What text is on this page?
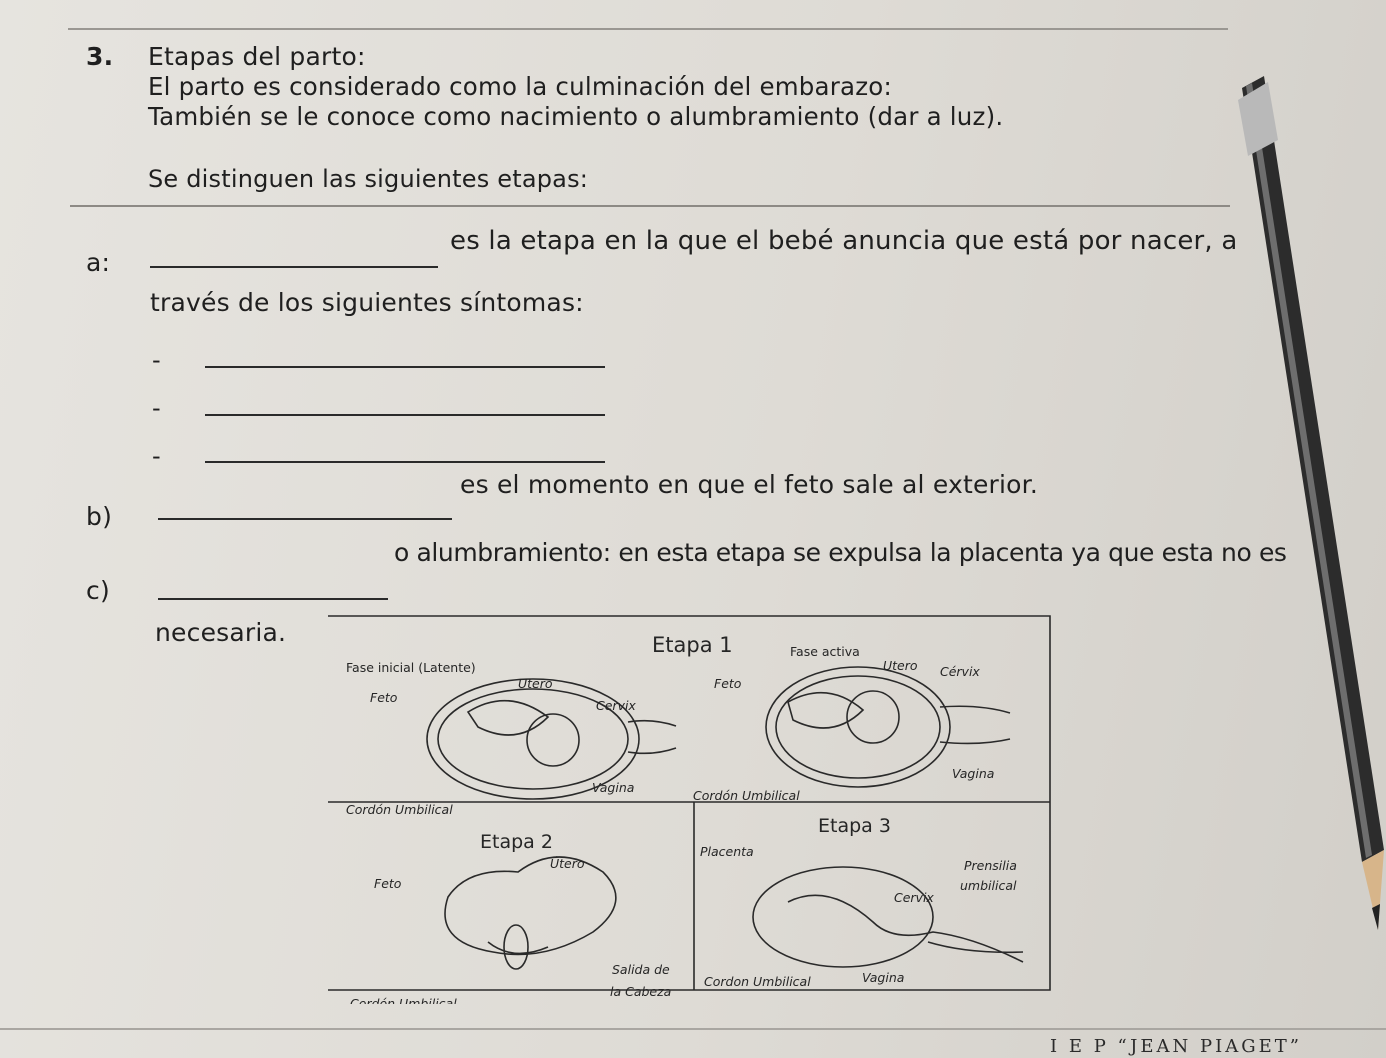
3. Etapas del parto:
El parto es considerado como la culminación del embarazo:
También se le conoce como nacimiento o alumbramiento (dar a luz).
Se distinguen las siguientes etapas:
a:
es la etapa en la que el bebé anuncia que está por nacer, a
través de los siguientes síntomas:
-
-
-
b)
es el momento en que el feto sale al exterior.
c)
o alumbramiento: en esta etapa se expulsa la placenta ya que esta no es
necesaria.	Etapa 1
Fase inicial (Latente)
Fase activa
Feto
Utero
Cervix
Vagina
Cordón Umbilical
Feto
Utero Cérvix
Vagina
Cordón Umbilical
Etapa 2
Feto
Útero
Salida de
la Cabeza
Cordón Umbilical
Etapa 3
Placenta
Prensilia
umbilical
Cervix
Cordon Umbilical	Vagina
I E P “JEAN PIAGET”
